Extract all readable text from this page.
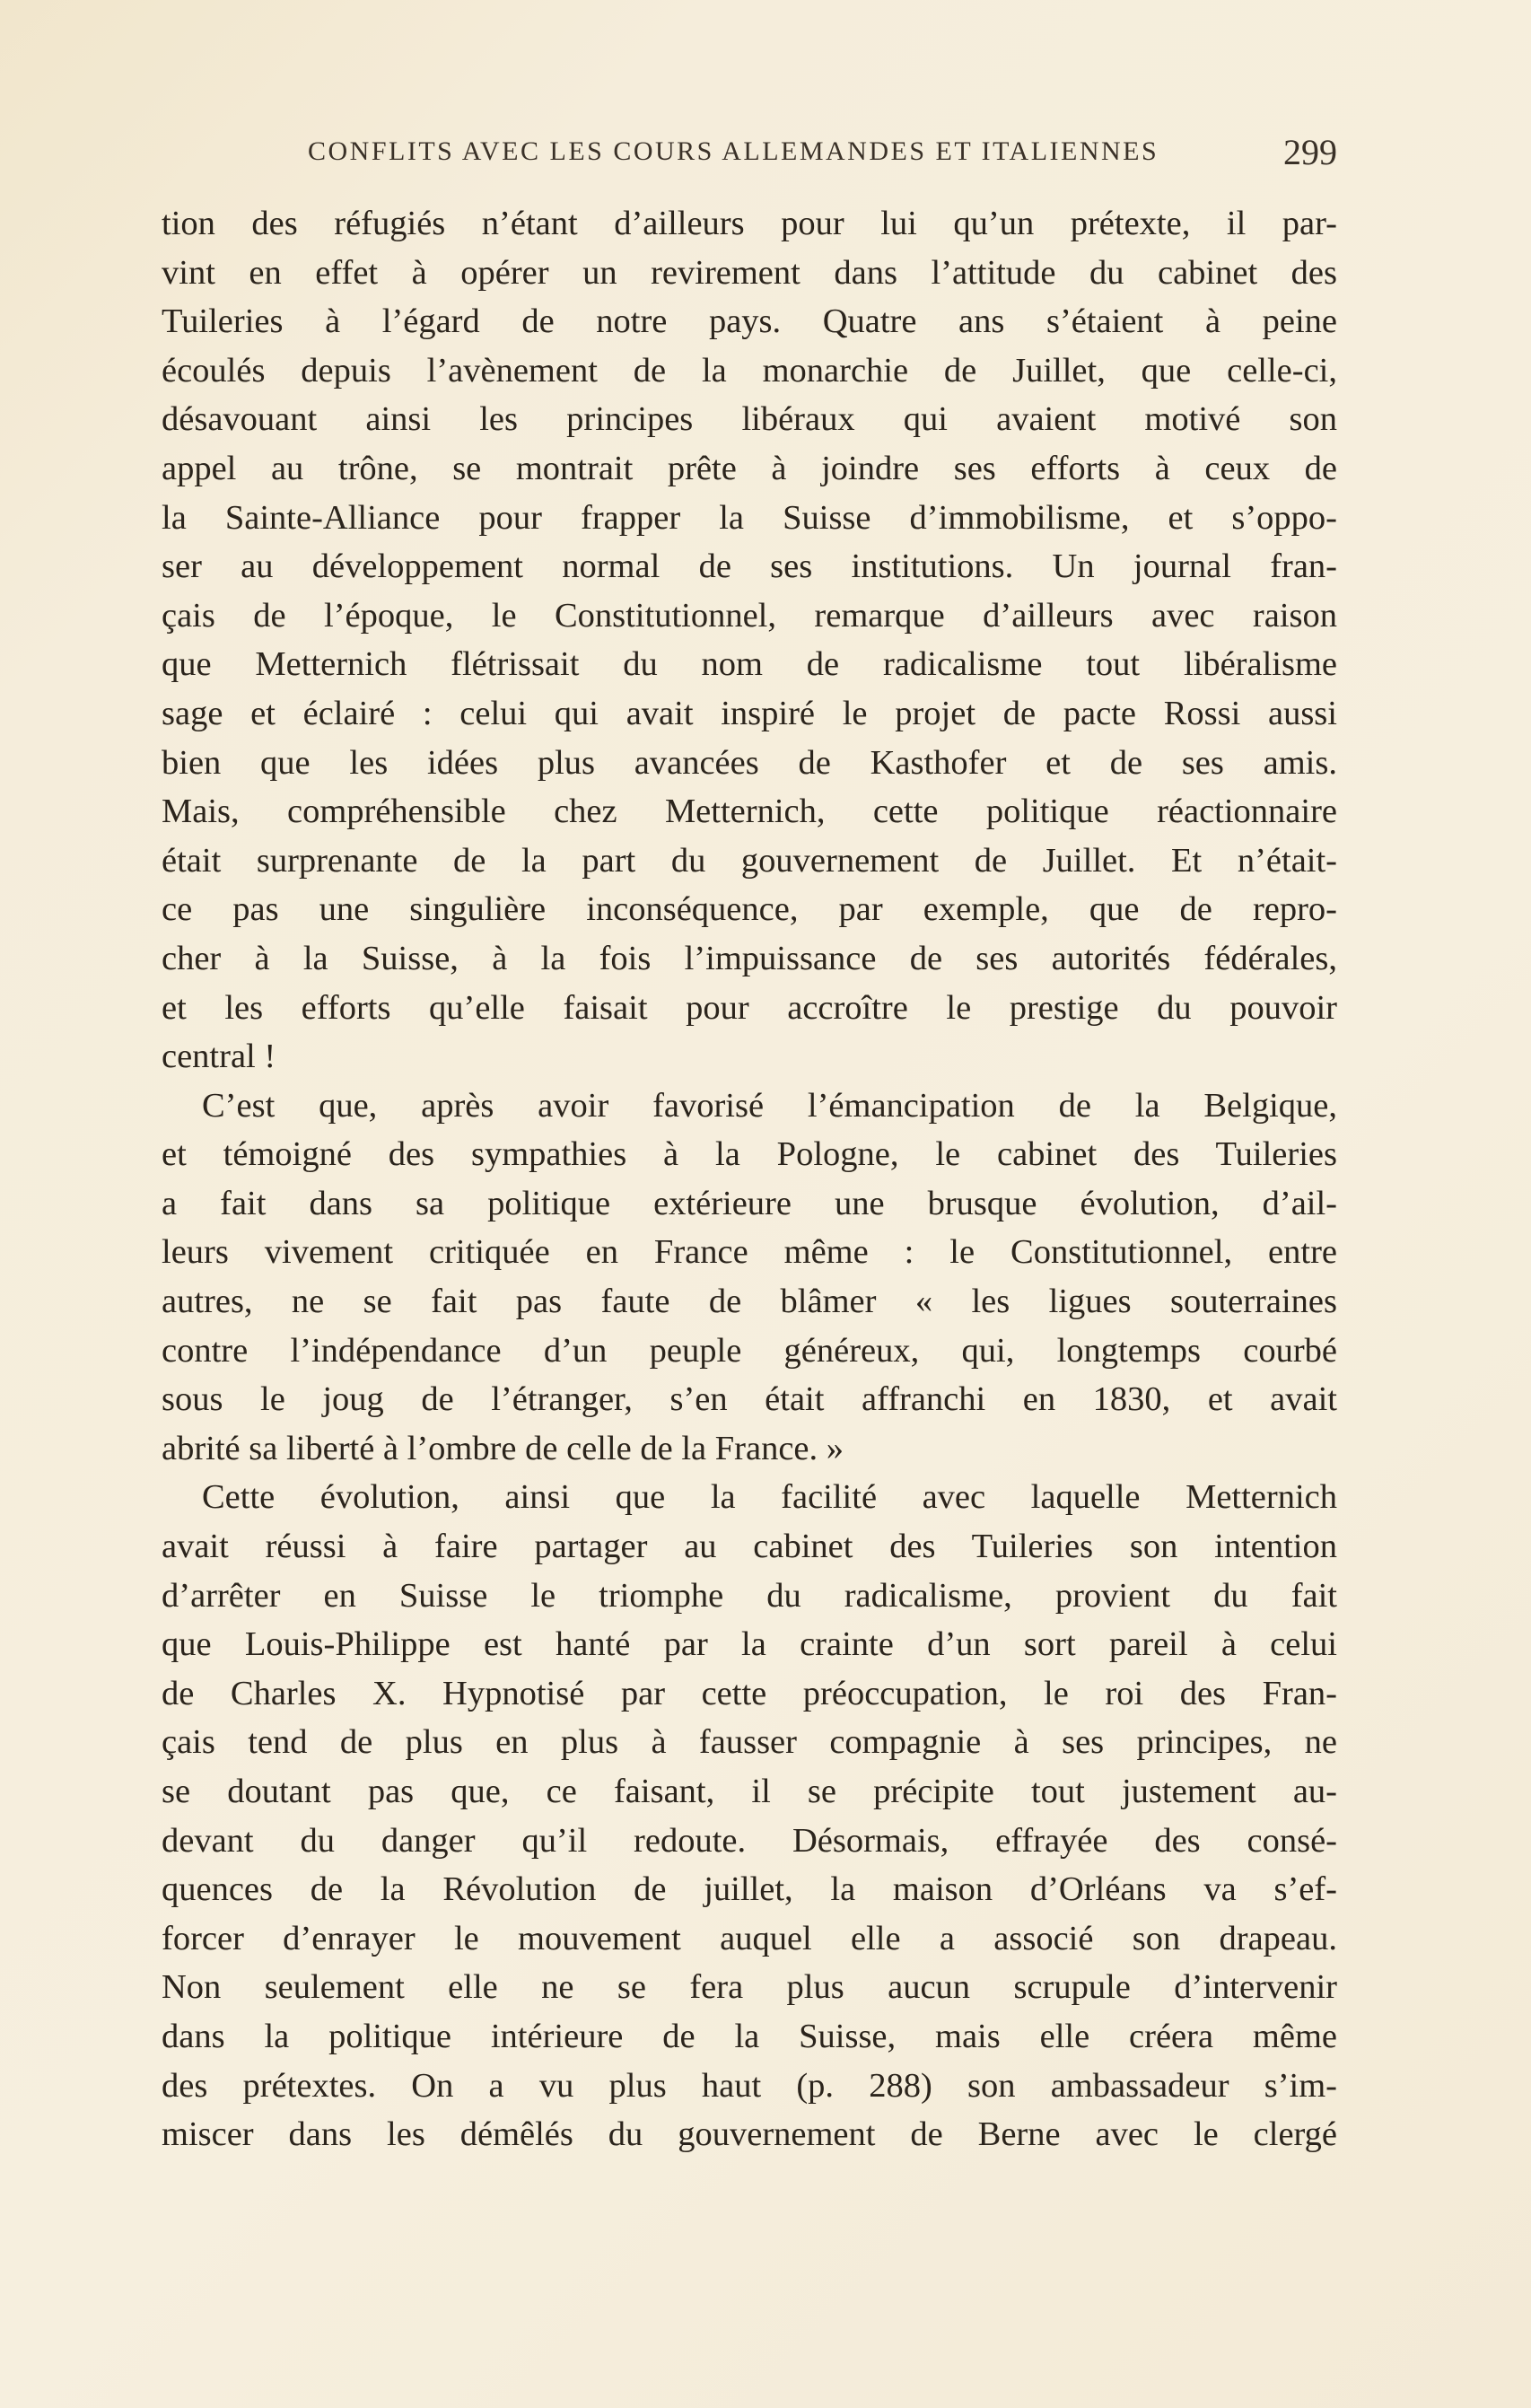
CONFLITS AVEC LES COURS ALLEMANDES ET ITALIENNES	299
tion des réfugiés n’étant d’ailleurs pour lui qu’un prétexte, il par-
vint en effet à opérer un revirement dans l’attitude du cabinet des
Tuileries à l’égard de notre pays. Quatre ans s’étaient à peine
écoulés depuis l’avènement de la monarchie de Juillet, que celle-ci,
désavouant ainsi les principes libéraux qui avaient motivé son
appel au trône, se montrait prête à joindre ses efforts à ceux de
la Sainte-Alliance pour frapper la Suisse d’immobilisme, et s’oppo-
ser au développement normal de ses institutions. Un journal fran-
çais de l’époque, le Constitutionnel, remarque d’ailleurs avec raison
que Metternich flétrissait du nom de radicalisme tout libéralisme
sage et éclairé : celui qui avait inspiré le projet de pacte Rossi aussi
bien que les idées plus avancées de Kasthofer et de ses amis.
Mais, compréhensible chez Metternich, cette politique réactionnaire
était surprenante de la part du gouvernement de Juillet. Et n’était-
ce pas une singulière inconséquence, par exemple, que de repro-
cher à la Suisse, à la fois l’impuissance de ses autorités fédérales,
et les efforts qu’elle faisait pour accroître le prestige du pouvoir
central !
C’est que, après avoir favorisé l’émancipation de la Belgique,
et témoigné des sympathies à la Pologne, le cabinet des Tuileries
a fait dans sa politique extérieure une brusque évolution, d’ail-
leurs vivement critiquée en France même : le Constitutionnel, entre
autres, ne se fait pas faute de blâmer « les ligues souterraines
contre l’indépendance d’un peuple généreux, qui, longtemps courbé
sous le joug de l’étranger, s’en était affranchi en 1830, et avait
abrité sa liberté à l’ombre de celle de la France. »
Cette évolution, ainsi que la facilité avec laquelle Metternich
avait réussi à faire partager au cabinet des Tuileries son intention
d’arrêter en Suisse le triomphe du radicalisme, provient du fait
que Louis-Philippe est hanté par la crainte d’un sort pareil à celui
de Charles X. Hypnotisé par cette préoccupation, le roi des Fran-
çais tend de plus en plus à fausser compagnie à ses principes, ne
se doutant pas que, ce faisant, il se précipite tout justement au-
devant du danger qu’il redoute. Désormais, effrayée des consé-
quences de la Révolution de juillet, la maison d’Orléans va s’ef-
forcer d’enrayer le mouvement auquel elle a associé son drapeau.
Non seulement elle ne se fera plus aucun scrupule d’intervenir
dans la politique intérieure de la Suisse, mais elle créera même
des prétextes. On a vu plus haut (p. 288) son ambassadeur s’im-
miscer dans les démêlés du gouvernement de Berne avec le clergé
